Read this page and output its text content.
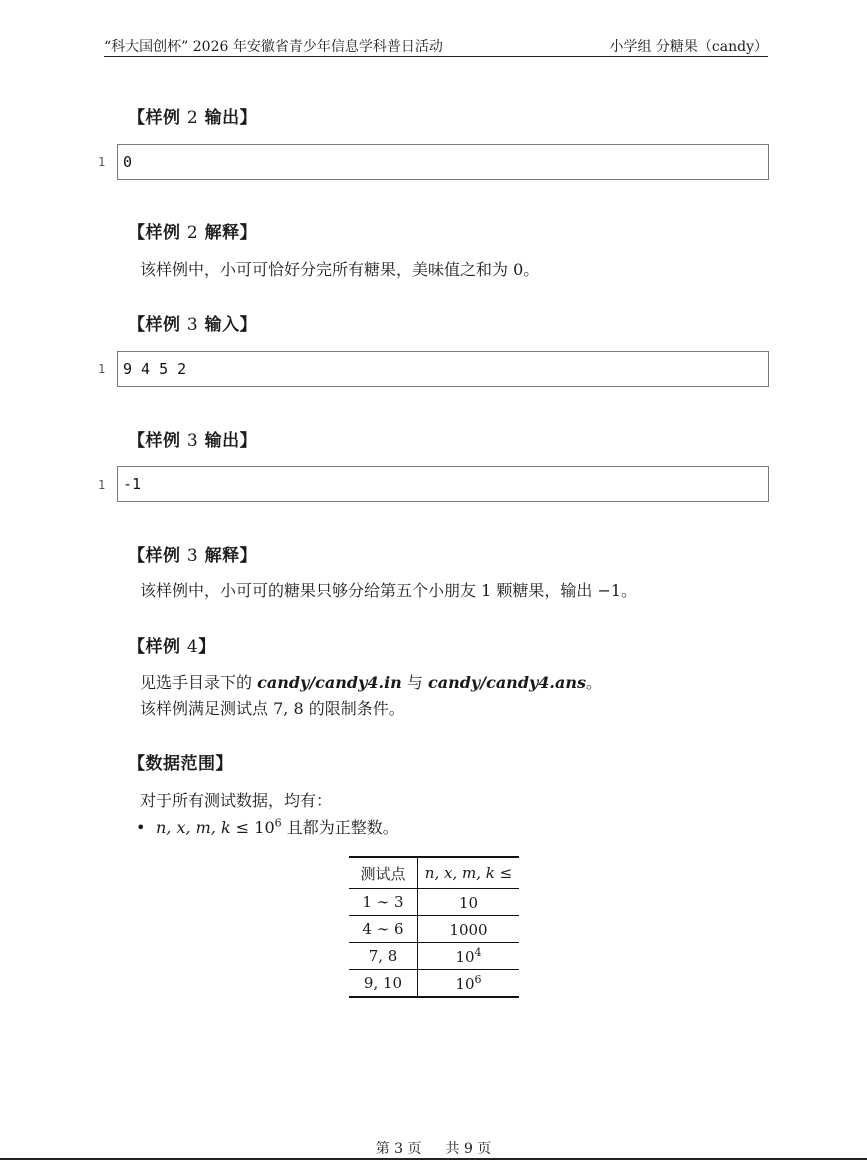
“科大国创杯” 2026 年安徽省青少年信息学科普日活动	小学组 分糖果（candy）
【样例 2 输出】
1 0
【样例 2 解释】
该样例中，小可可恰好分完所有糖果，美味值之和为 0。
【样例 3 输入】
1 9 4 5 2
【样例 3 输出】
1 -1
【样例 3 解释】
该样例中，小可可的糖果只够分给第五个小朋友 1 颗糖果，输出 −1。
【样例 4】
见选手目录下的 candy/candy4.in 与 candy/candy4.ans。
该样例满足测试点 7, 8 的限制条件。
【数据范围】
对于所有测试数据，均有：
• n, x, m, $k \le 10^6$ 且都为正整数。
测试点	n, x, m, k ≤
1 ∼ 3	10
4 ∼ 6	1000
7, 8	$10^4$
9, 10	$10^6$
第 3 页 共 9 页
